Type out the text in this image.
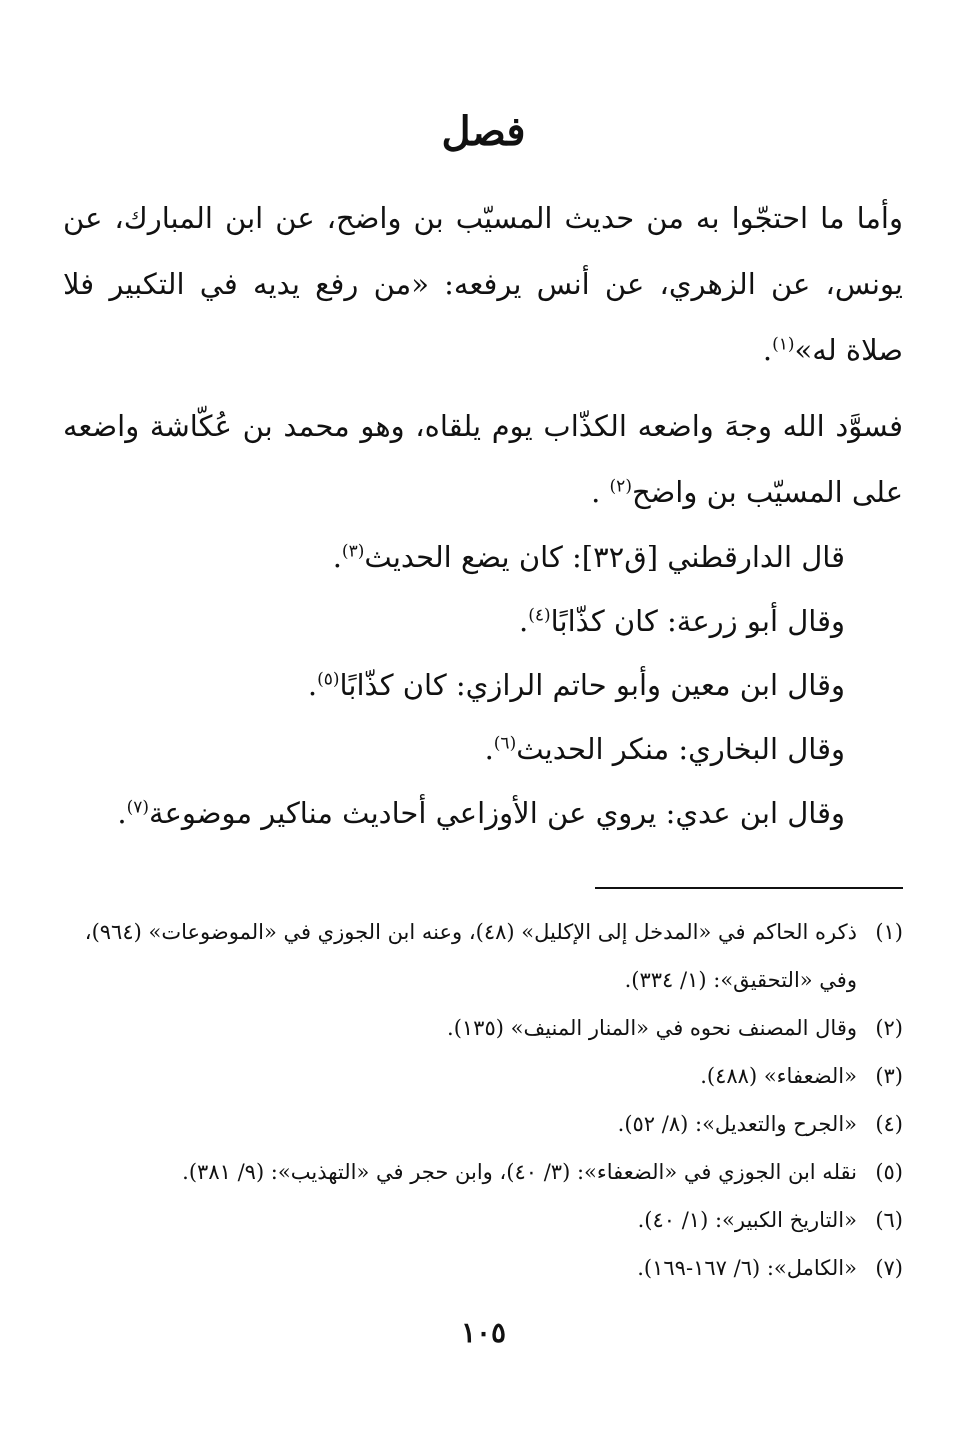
فصل

وأما ما احتجّوا به من حديث المسيّب بن واضح، عن ابن المبارك، عن يونس، عن الزهري، عن أنس يرفعه: «من رفع يديه في التكبير فلا صلاة له»$^{(١)}$.

فسوَّد الله وجهَ واضعه الكذّاب يوم يلقاه، وهو محمد بن عُكّاشة واضعه على المسيّب بن واضح$^{(٢)}$ .

قال الدارقطني [ق٣٢]: كان يضع الحديث$^{(٣)}$.

وقال أبو زرعة: كان كذّابًا$^{(٤)}$.

وقال ابن معين وأبو حاتم الرازي: كان كذّابًا$^{(٥)}$.

وقال البخاري: منكر الحديث$^{(٦)}$.

وقال ابن عدي: يروي عن الأوزاعي أحاديث مناكير موضوعة$^{(٧)}$.

(١)

ذكره الحاكم في «المدخل إلى الإكليل» (٤٨)، وعنه ابن الجوزي في «الموضوعات» (٩٦٤)، وفي «التحقيق»: (١/ ٣٣٤).

(٢)

وقال المصنف نحوه في «المنار المنيف» (١٣٥).

(٣)

«الضعفاء» (٤٨٨).

(٤)

«الجرح والتعديل»: (٨/ ٥٢).

(٥)

نقله ابن الجوزي في «الضعفاء»: (٣/ ٤٠)، وابن حجر في «التهذيب»: (٩/ ٣٨١).

(٦)

«التاريخ الكبير»: (١/ ٤٠).

(٧)

«الكامل»: (٦/ ١٦٧-١٦٩).

١٠٥
